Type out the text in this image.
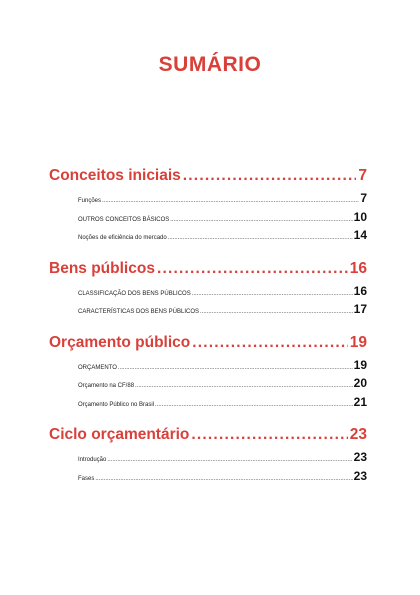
SUMÁRIO
Conceitos iniciais .....	7
Funções .....	7
OUTROS CONCEITOS BÁSICOS .....	10
Noções de eficiência do mercado .....	14
Bens públicos .....	16
CLASSIFICAÇÃO DOS BENS PÚBLICOS .....	16
CARACTERÍSTICAS DOS BENS PÚBLICOS .....	17
Orçamento público .....	19
ORÇAMENTO .....	19
Orçamento na CF/88 .....	20
Orçamento Público no Brasil .....	21
Ciclo orçamentário .....	23
Introdução .....	23
Fases .....	23
